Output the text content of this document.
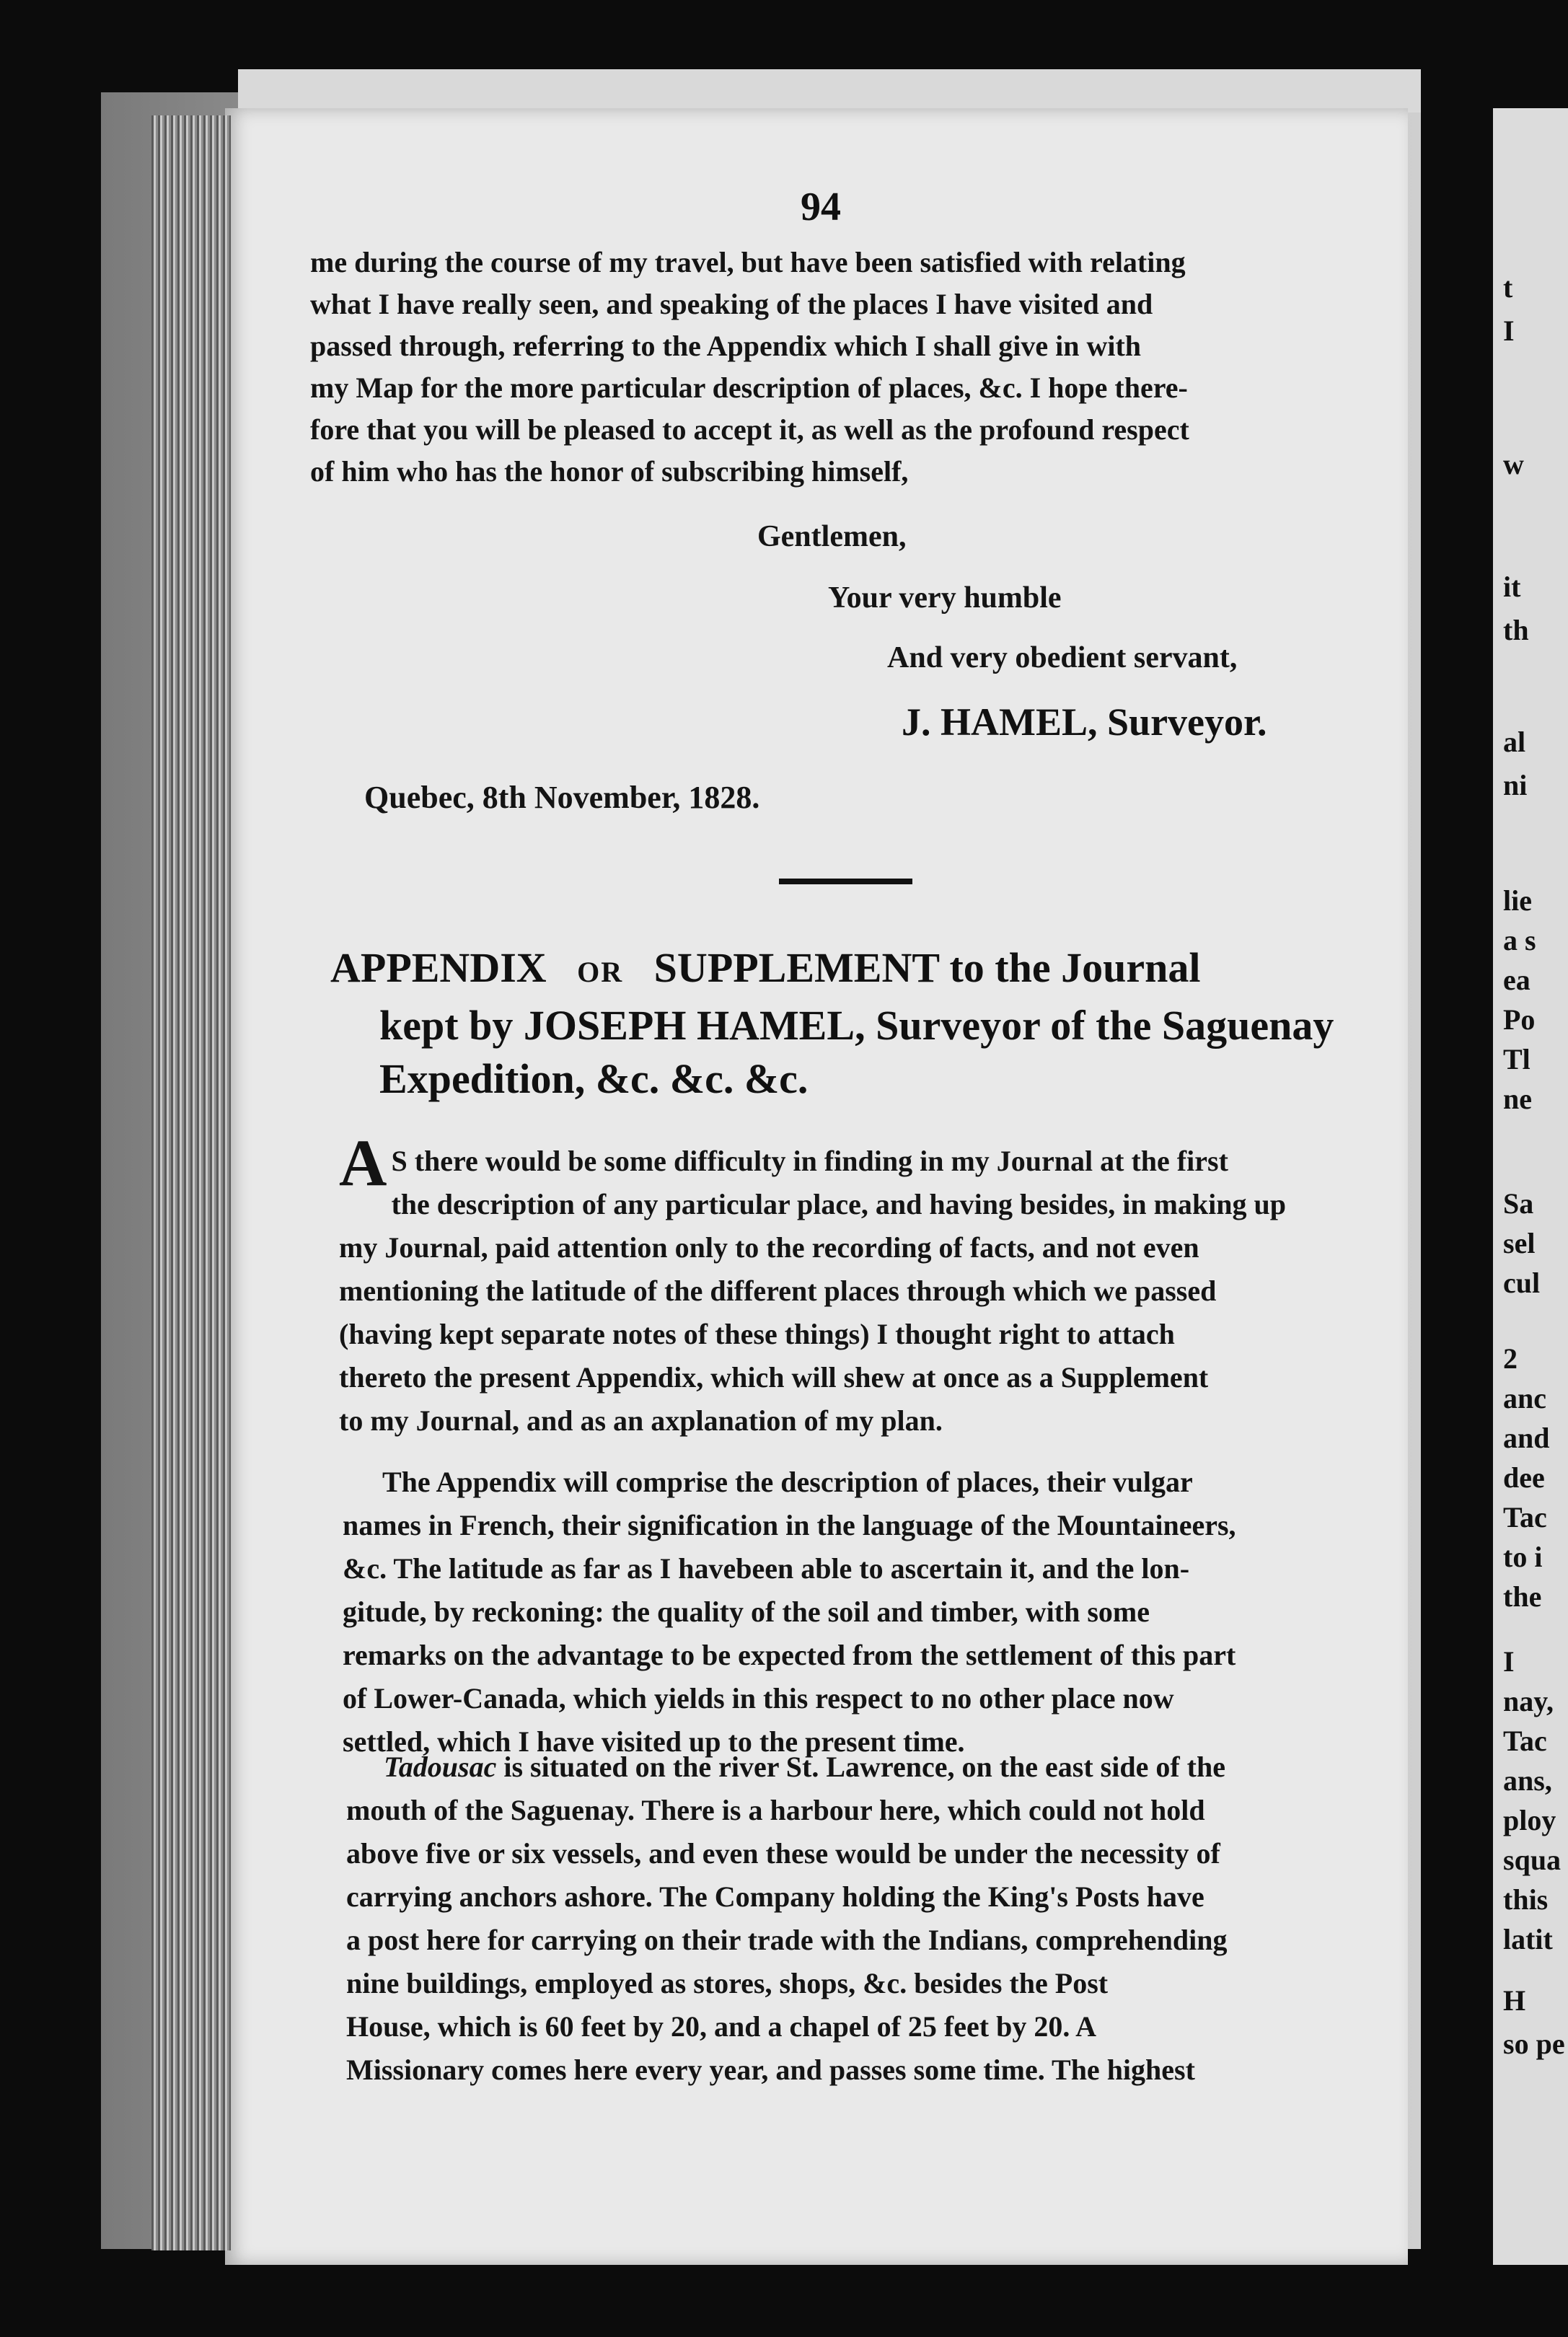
94
me during the course of my travel, but have been satisfied with relating
what I have really seen, and speaking of the places I have visited and
passed through, referring to the Appendix which I shall give in with
my Map for the more particular description of places, &c. I hope there-
fore that you will be pleased to accept it, as well as the profound respect
of him who has the honor of subscribing himself,
Gentlemen,
Your very humble
And very obedient servant,
J. HAMEL, Surveyor.
Quebec, 8th November, 1828.
APPENDIX OR SUPPLEMENT to the Journal
kept by JOSEPH HAMEL, Surveyor of the Saguenay
Expedition, &c. &c. &c.
A S there would be some difficulty in finding in my Journal at the first
the description of any particular place, and having besides, in making up
my Journal, paid attention only to the recording of facts, and not even
mentioning the latitude of the different places through which we passed
(having kept separate notes of these things) I thought right to attach
thereto the present Appendix, which will shew at once as a Supplement
to my Journal, and as an axplanation of my plan.
The Appendix will comprise the description of places, their vulgar
names in French, their signification in the language of the Mountaineers,
&c. The latitude as far as I havebeen able to ascertain it, and the lon-
gitude, by reckoning: the quality of the soil and timber, with some
remarks on the advantage to be expected from the settlement of this part
of Lower-Canada, which yields in this respect to no other place now
settled, which I have visited up to the present time.
Tadousac is situated on the river St. Lawrence, on the east side of the
mouth of the Saguenay. There is a harbour here, which could not hold
above five or six vessels, and even these would be under the necessity of
carrying anchors ashore. The Company holding the King's Posts have
a post here for carrying on their trade with the Indians, comprehending
nine buildings, employed as stores, shops, &c. besides the Post
House, which is 60 feet by 20, and a chapel of 25 feet by 20. A
Missionary comes here every year, and passes some time. The highest
t
I
w
it
th
al
ni
lie
a s
ea
Po
Tl
ne
Sa
sel
cul
2
anc
and
dee
Tac
to i
the
I
nay,
Tac
ans,
ploy
squa
this
latit
H
so pe
